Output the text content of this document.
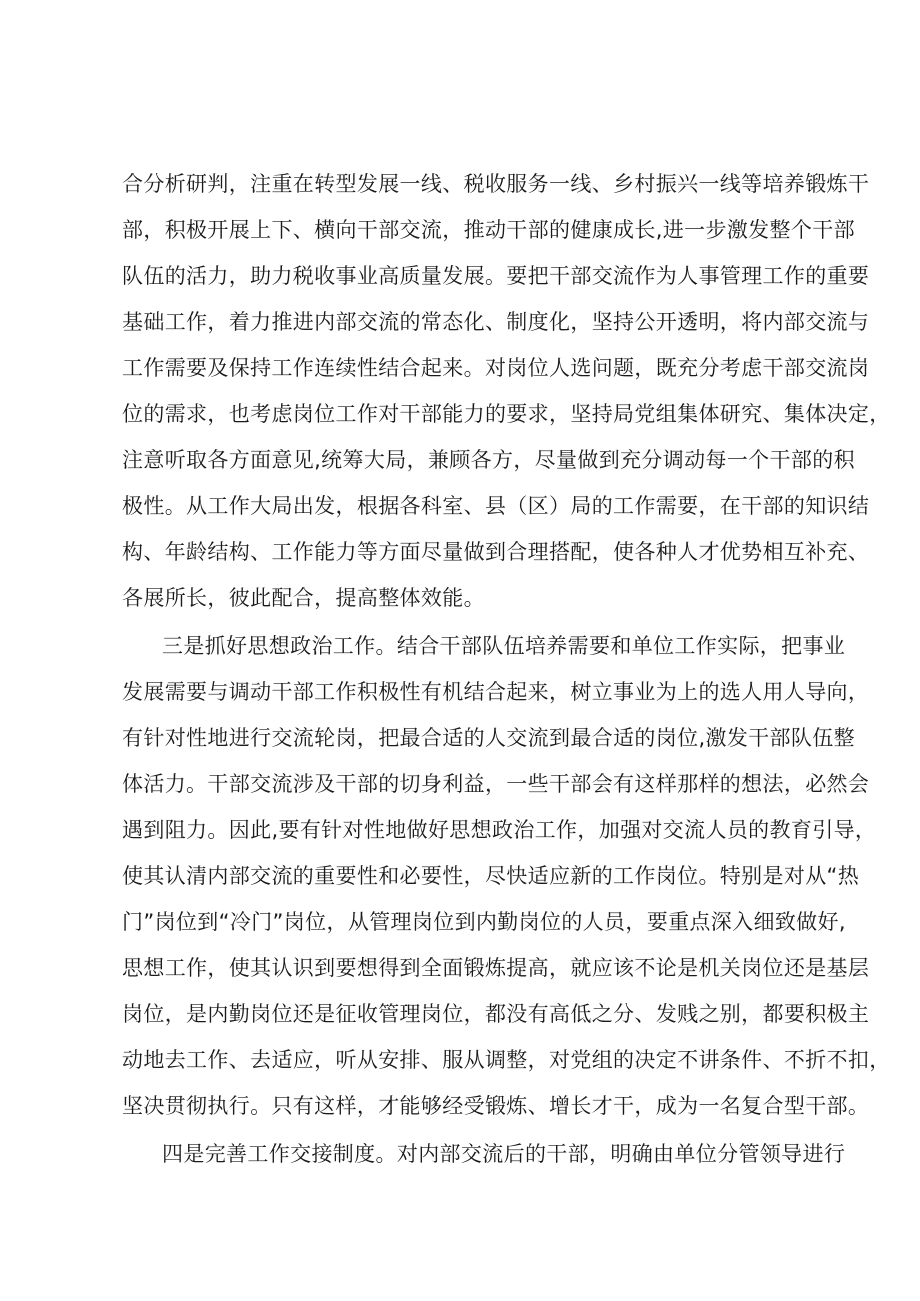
合分析研判，注重在转型发展一线、税收服务一线、乡村振兴一线等培养锻炼干
部，积极开展上下、横向干部交流，推动干部的健康成长,进一步激发整个干部
队伍的活力，助力税收事业高质量发展。要把干部交流作为人事管理工作的重要
基础工作，着力推进内部交流的常态化、制度化，坚持公开透明，将内部交流与
工作需要及保持工作连续性结合起来。对岗位人选问题，既充分考虑干部交流岗
位的需求，也考虑岗位工作对干部能力的要求，坚持局党组集体研究、集体决定，
注意听取各方面意见,统筹大局，兼顾各方，尽量做到充分调动每一个干部的积
极性。从工作大局出发，根据各科室、县（区）局的工作需要，在干部的知识结
构、年龄结构、工作能力等方面尽量做到合理搭配，使各种人才优势相互补充、
各展所长，彼此配合，提高整体效能。
三是抓好思想政治工作。结合干部队伍培养需要和单位工作实际，把事业
发展需要与调动干部工作积极性有机结合起来，树立事业为上的选人用人导向，
有针对性地进行交流轮岗，把最合适的人交流到最合适的岗位,激发干部队伍整
体活力。干部交流涉及干部的切身利益，一些干部会有这样那样的想法，必然会
遇到阻力。因此,要有针对性地做好思想政治工作，加强对交流人员的教育引导，
使其认清内部交流的重要性和必要性，尽快适应新的工作岗位。特别是对从“热
门”岗位到“冷门”岗位，从管理岗位到内勤岗位的人员，要重点深入细致做好,
思想工作，使其认识到要想得到全面锻炼提高，就应该不论是机关岗位还是基层
岗位，是内勤岗位还是征收管理岗位，都没有高低之分、发贱之别，都要积极主
动地去工作、去适应，听从安排、服从调整，对党组的决定不讲条件、不折不扣，
坚决贯彻执行。只有这样，才能够经受锻炼、增长才干，成为一名复合型干部。
四是完善工作交接制度。对内部交流后的干部，明确由单位分管领导进行
